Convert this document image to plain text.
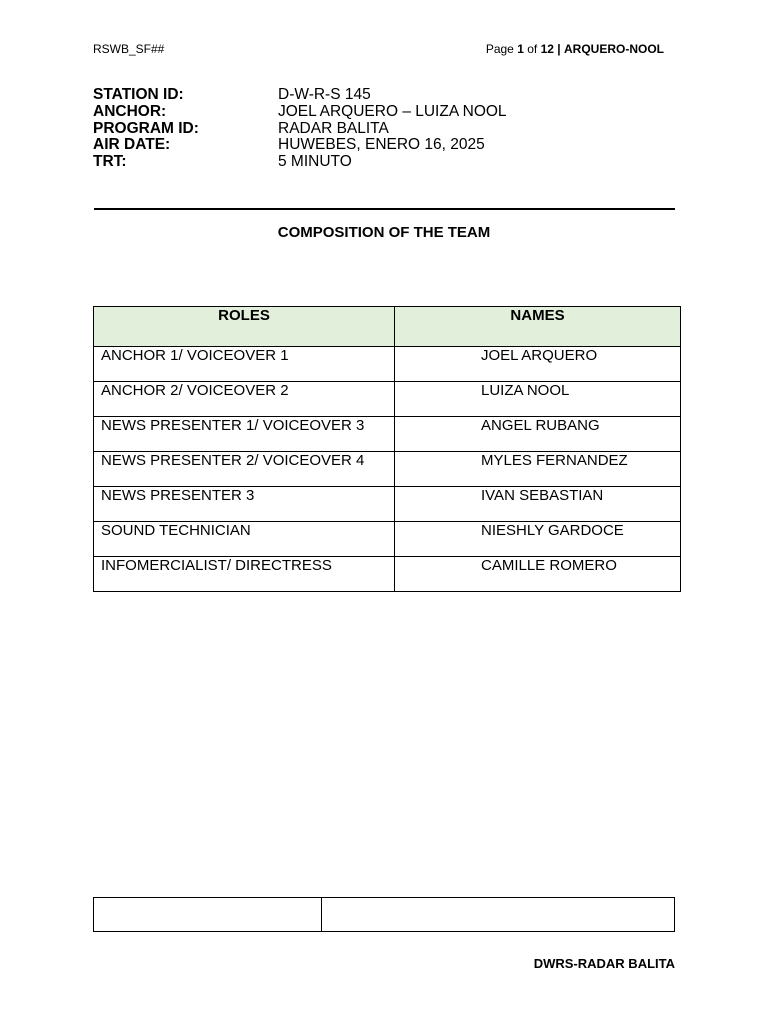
RSWB_SF##	Page 1 of 12 | ARQUERO-NOOL
STATION ID:	D-W-R-S 145
ANCHOR:	JOEL ARQUERO – LUIZA NOOL
PROGRAM ID:	RADAR BALITA
AIR DATE:	HUWEBES, ENERO 16, 2025
TRT:	5 MINUTO
COMPOSITION OF THE TEAM
ROLES	NAMES
ANCHOR 1/ VOICEOVER 1	JOEL ARQUERO
ANCHOR 2/ VOICEOVER 2	LUIZA NOOL
NEWS PRESENTER 1/ VOICEOVER 3	ANGEL RUBANG
NEWS PRESENTER 2/ VOICEOVER 4	MYLES FERNANDEZ
NEWS PRESENTER 3	IVAN SEBASTIAN
SOUND TECHNICIAN	NIESHLY GARDOCE
INFOMERCIALIST/ DIRECTRESS	CAMILLE ROMERO

DWRS-RADAR BALITA
